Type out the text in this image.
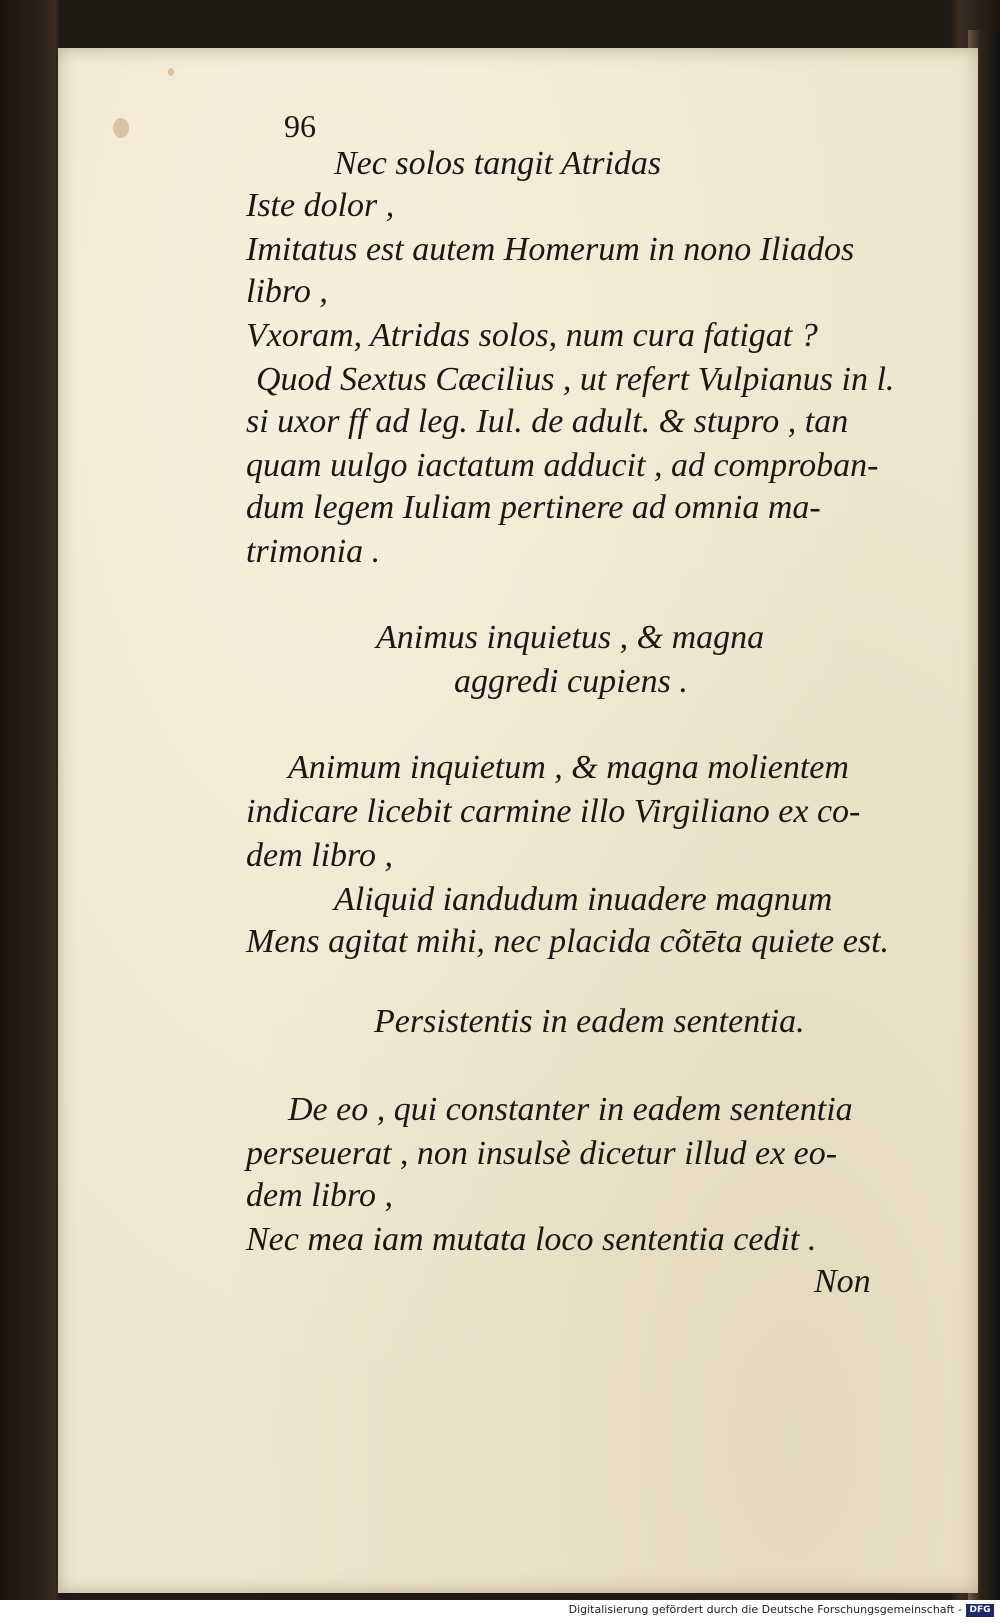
96
Nec solos tangit Atridas
Iste dolor ,
Imitatus est autem Homerum in nono Iliados
libro ,
Vxoram, Atridas solos, num cura fatigat ?
Quod Sextus Cæcilius , ut refert Vulpianus in l.
si uxor ff ad leg. Iul. de adult. & stupro , tan
quam uulgo iactatum adducit , ad comproban-
dum legem Iuliam pertinere ad omnia ma-
trimonia .
Animus inquietus , & magna
aggredi cupiens .
Animum inquietum , & magna molientem
indicare licebit carmine illo Virgiliano ex co-
dem libro ,
Aliquid iandudum inuadere magnum
Mens agitat mihi, nec placida cõtēta quiete est.
Persistentis in eadem sententia.
De eo , qui constanter in eadem sententia
perseuerat , non insulsè dicetur illud ex eo-
dem libro ,
Nec mea iam mutata loco sententia cedit .
Non
Digitalisierung gefördert durch die Deutsche Forschungsgemeinschaft - DFG
